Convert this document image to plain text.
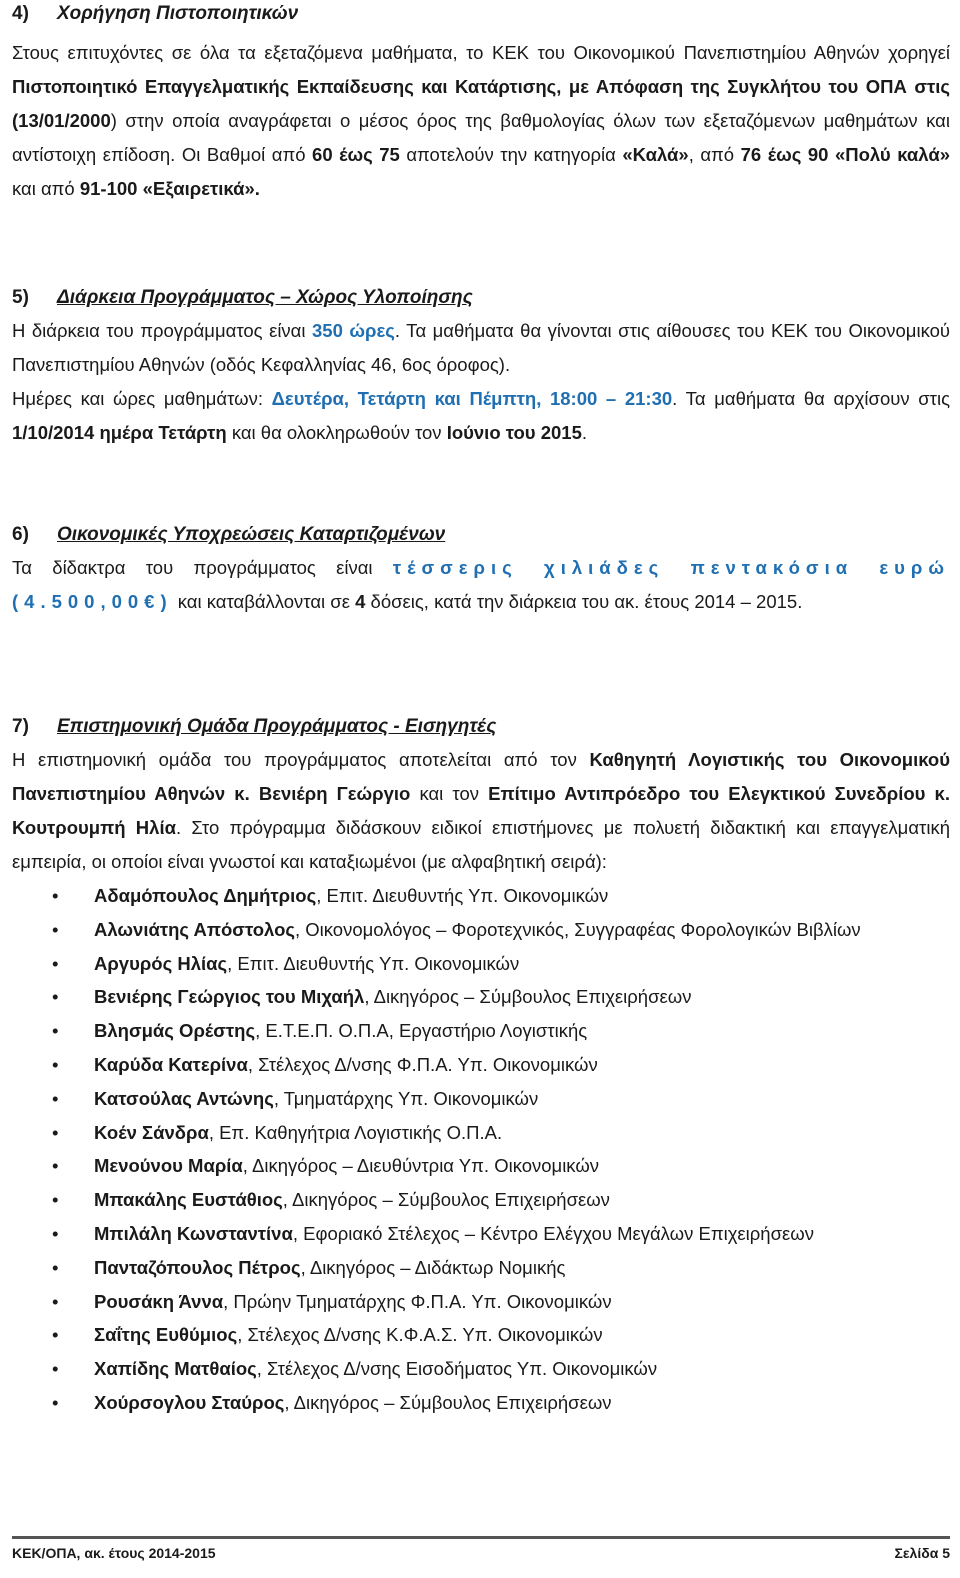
4)	Χορήγηση Πιστοποιητικών

Στους επιτυχόντες σε όλα τα εξεταζόμενα μαθήματα, το ΚΕΚ του Οικονομικού Πανεπιστημίου Αθηνών χορηγεί Πιστοποιητικό Επαγγελματικής Εκπαίδευσης και Κατάρτισης, με Απόφαση της Συγκλήτου του ΟΠΑ στις (13/01/2000) στην οποία αναγράφεται ο μέσος όρος της βαθμολογίας όλων των εξεταζόμενων μαθημάτων και αντίστοιχη επίδοση. Οι Βαθμοί από 60 έως 75 αποτελούν την κατηγορία «Καλά», από 76 έως 90 «Πολύ καλά» και από 91-100 «Εξαιρετικά».

5)	Διάρκεια Προγράμματος – Χώρος Υλοποίησης

Η διάρκεια του προγράμματος είναι 350 ώρες. Τα μαθήματα θα γίνονται στις αίθουσες του ΚΕΚ του Οικονομικού Πανεπιστημίου Αθηνών (οδός Κεφαλληνίας 46, 6ος όροφος).

Ημέρες και ώρες μαθημάτων: Δευτέρα, Τετάρτη και Πέμπτη, 18:00 – 21:30. Τα μαθήματα θα αρχίσουν στις 1/10/2014 ημέρα Τετάρτη και θα ολοκληρωθούν τον Ιούνιο του 2015.

6)	Οικονομικές Υποχρεώσεις Καταρτιζομένων

Τα δίδακτρα του προγράμματος είναι τέσσερις χιλιάδες πεντακόσια ευρώ (4.500,00€) και καταβάλλονται σε 4 δόσεις, κατά την διάρκεια του ακ. έτους 2014 – 2015.

7)	Επιστημονική Ομάδα Προγράμματος - Εισηγητές

Η επιστημονική ομάδα του προγράμματος αποτελείται από τον Καθηγητή Λογιστικής του Οικονομικού Πανεπιστημίου Αθηνών κ. Βενιέρη Γεώργιο και τον Επίτιμο Αντιπρόεδρο του Ελεγκτικού Συνεδρίου κ. Κουτρουμπή Ηλία. Στο πρόγραμμα διδάσκουν ειδικοί επιστήμονες με πολυετή διδακτική και επαγγελματική εμπειρία, οι οποίοι είναι γνωστοί και καταξιωμένοι (με αλφαβητική σειρά):

• Αδαμόπουλος Δημήτριος, Επιτ. Διευθυντής Υπ. Οικονομικών
• Αλωνιάτης Απόστολος, Οικονομολόγος – Φοροτεχνικός, Συγγραφέας Φορολογικών Βιβλίων
• Αργυρός Ηλίας, Επιτ. Διευθυντής Υπ. Οικονομικών
• Βενιέρης Γεώργιος του Μιχαήλ, Δικηγόρος – Σύμβουλος Επιχειρήσεων
• Βλησμάς Ορέστης, Ε.Τ.Ε.Π. Ο.Π.Α, Εργαστήριο Λογιστικής
• Καρύδα Κατερίνα, Στέλεχος Δ/νσης Φ.Π.Α. Υπ. Οικονομικών
• Κατσούλας Αντώνης, Τμηματάρχης Υπ. Οικονομικών
• Κοέν Σάνδρα, Επ. Καθηγήτρια Λογιστικής Ο.Π.Α.
• Μενούνου Μαρία, Δικηγόρος – Διευθύντρια Υπ. Οικονομικών
• Μπακάλης Ευστάθιος, Δικηγόρος – Σύμβουλος Επιχειρήσεων
• Μπιλάλη Κωνσταντίνα, Εφοριακό Στέλεχος – Κέντρο Ελέγχου Μεγάλων Επιχειρήσεων
• Πανταζόπουλος Πέτρος, Δικηγόρος – Διδάκτωρ Νομικής
• Ρουσάκη Άννα, Πρώην Τμηματάρχης Φ.Π.Α. Υπ. Οικονομικών
• Σαΐτης Ευθύμιος, Στέλεχος Δ/νσης Κ.Φ.Α.Σ. Υπ. Οικονομικών
• Χαπίδης Ματθαίος, Στέλεχος Δ/νσης Εισοδήματος Υπ. Οικονομικών
• Χούρσογλου Σταύρος, Δικηγόρος – Σύμβουλος Επιχειρήσεων
ΚΕΚ/ΟΠΑ, ακ. έτους 2014-2015	Σελίδα 5
